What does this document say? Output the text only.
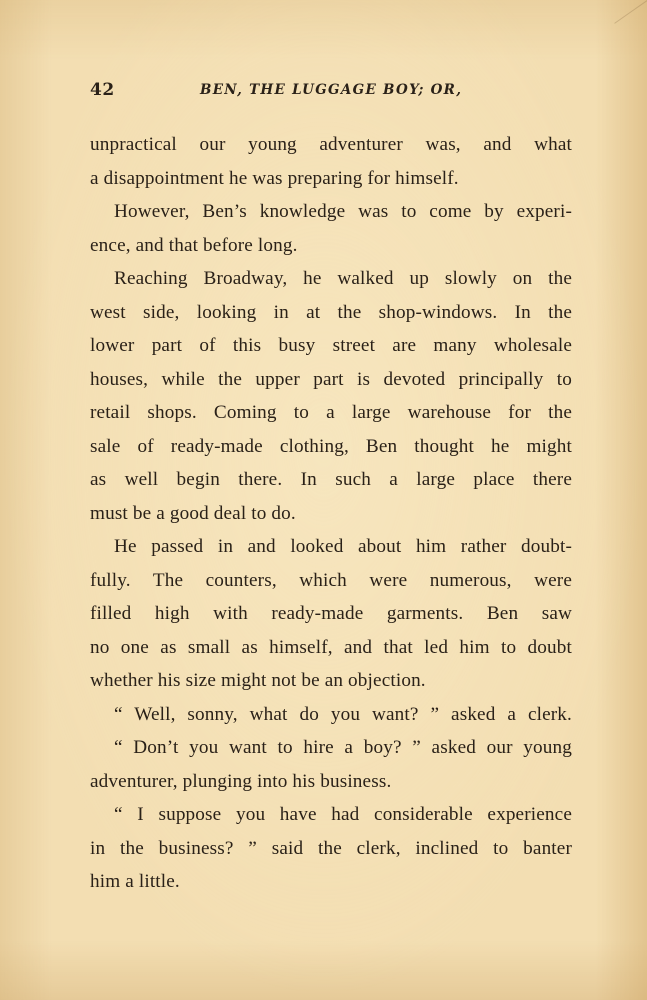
42	BEN, THE LUGGAGE BOY; OR,
unpractical our young adventurer was, and what
a disappointment he was preparing for himself.
However, Ben’s knowledge was to come by experi-
ence, and that before long.
Reaching Broadway, he walked up slowly on the
west side, looking in at the shop-windows. In the
lower part of this busy street are many wholesale
houses, while the upper part is devoted principally to
retail shops. Coming to a large warehouse for the
sale of ready-made clothing, Ben thought he might
as well begin there. In such a large place there
must be a good deal to do.
He passed in and looked about him rather doubt-
fully. The counters, which were numerous, were
filled high with ready-made garments. Ben saw
no one as small as himself, and that led him to doubt
whether his size might not be an objection.
“ Well, sonny, what do you want? ” asked a clerk.
“ Don’t you want to hire a boy? ” asked our young
adventurer, plunging into his business.
“ I suppose you have had considerable experience
in the business? ” said the clerk, inclined to banter
him a little.
